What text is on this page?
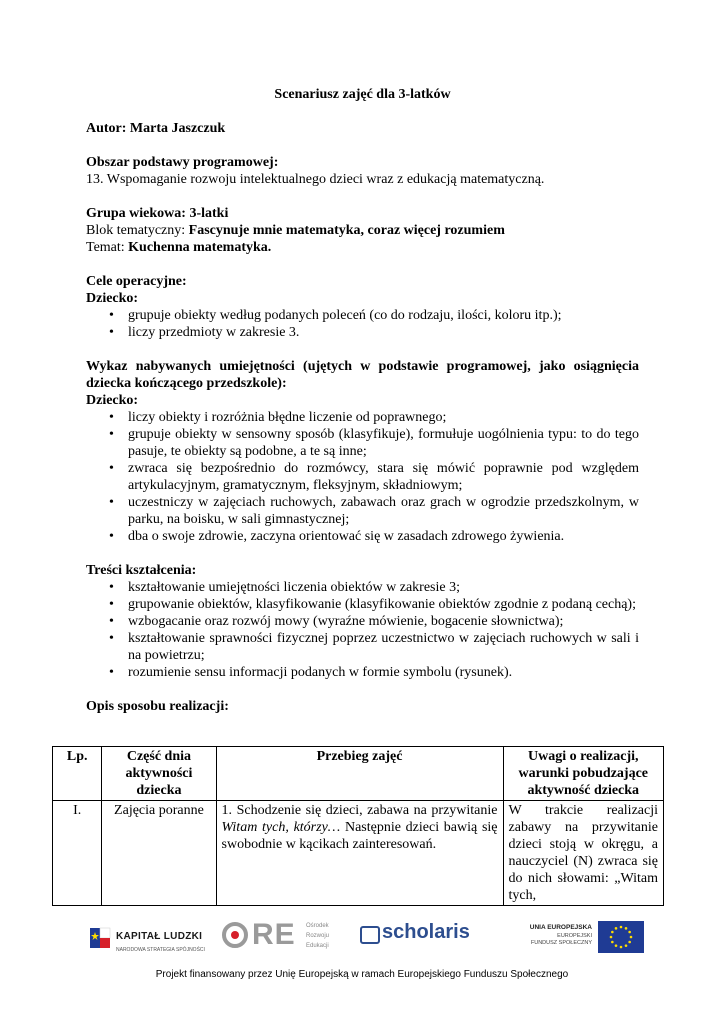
Scenariusz zajęć dla 3-latków

Autor: Marta Jaszczuk

Obszar podstawy programowej:

13. Wspomaganie rozwoju intelektualnego dzieci wraz z edukacją matematyczną.

Grupa wiekowa: 3-latki

Blok tematyczny: Fascynuje mnie matematyka, coraz więcej rozumiem

Temat: Kuchenna matematyka.

Cele operacyjne:

Dziecko:

• grupuje obiekty według podanych poleceń (co do rodzaju, ilości, koloru itp.);
• liczy przedmioty w zakresie 3.

Wykaz nabywanych umiejętności (ujętych w podstawie programowej, jako osiągnięcia dziecka kończącego przedszkole):

Dziecko:

• liczy obiekty i rozróżnia błędne liczenie od poprawnego;
• grupuje obiekty w sensowny sposób (klasyfikuje), formułuje uogólnienia typu: to do tego pasuje, te obiekty są podobne, a te są inne;
• zwraca się bezpośrednio do rozmówcy, stara się mówić poprawnie pod względem artykulacyjnym, gramatycznym, fleksyjnym, składniowym;
• uczestniczy w zajęciach ruchowych, zabawach oraz grach w ogrodzie przedszkolnym, w parku, na boisku, w sali gimnastycznej;
• dba o swoje zdrowie, zaczyna orientować się w zasadach zdrowego żywienia.

Treści kształcenia:

• kształtowanie umiejętności liczenia obiektów w zakresie 3;
• grupowanie obiektów, klasyfikowanie (klasyfikowanie obiektów zgodnie z podaną cechą);
• wzbogacanie oraz rozwój mowy (wyraźne mówienie, bogacenie słownictwa);
• kształtowanie sprawności fizycznej poprzez uczestnictwo w zajęciach ruchowych w sali i na powietrzu;
• rozumienie sensu informacji podanych w formie symbolu (rysunek).

Opis sposobu realizacji:

Lp.	Część dnia aktywności dziecka	Przebieg zajęć	Uwagi o realizacji, warunki pobudzające aktywność dziecka
I.	Zajęcia poranne	1. Schodzenie się dzieci, zabawa na przywitanie Witam tych, którzy… Następnie dzieci bawią się swobodnie w kącikach zainteresowań.	W trakcie realizacji zabawy na przywitanie dzieci stoją w okręgu, a nauczyciel (N) zwraca się do nich słowami: „Witam tych,
KAPITAŁ LUDZKI
NARODOWA STRATEGIA SPÓJNOŚCI RE Ośrodek
Rozwoju
Edukacji
scholaris	UNIA EUROPEJSKA
EUROPEJSKI
FUNDUSZ SPOŁECZNY
Projekt finansowany przez Unię Europejską w ramach Europejskiego Funduszu Społecznego
